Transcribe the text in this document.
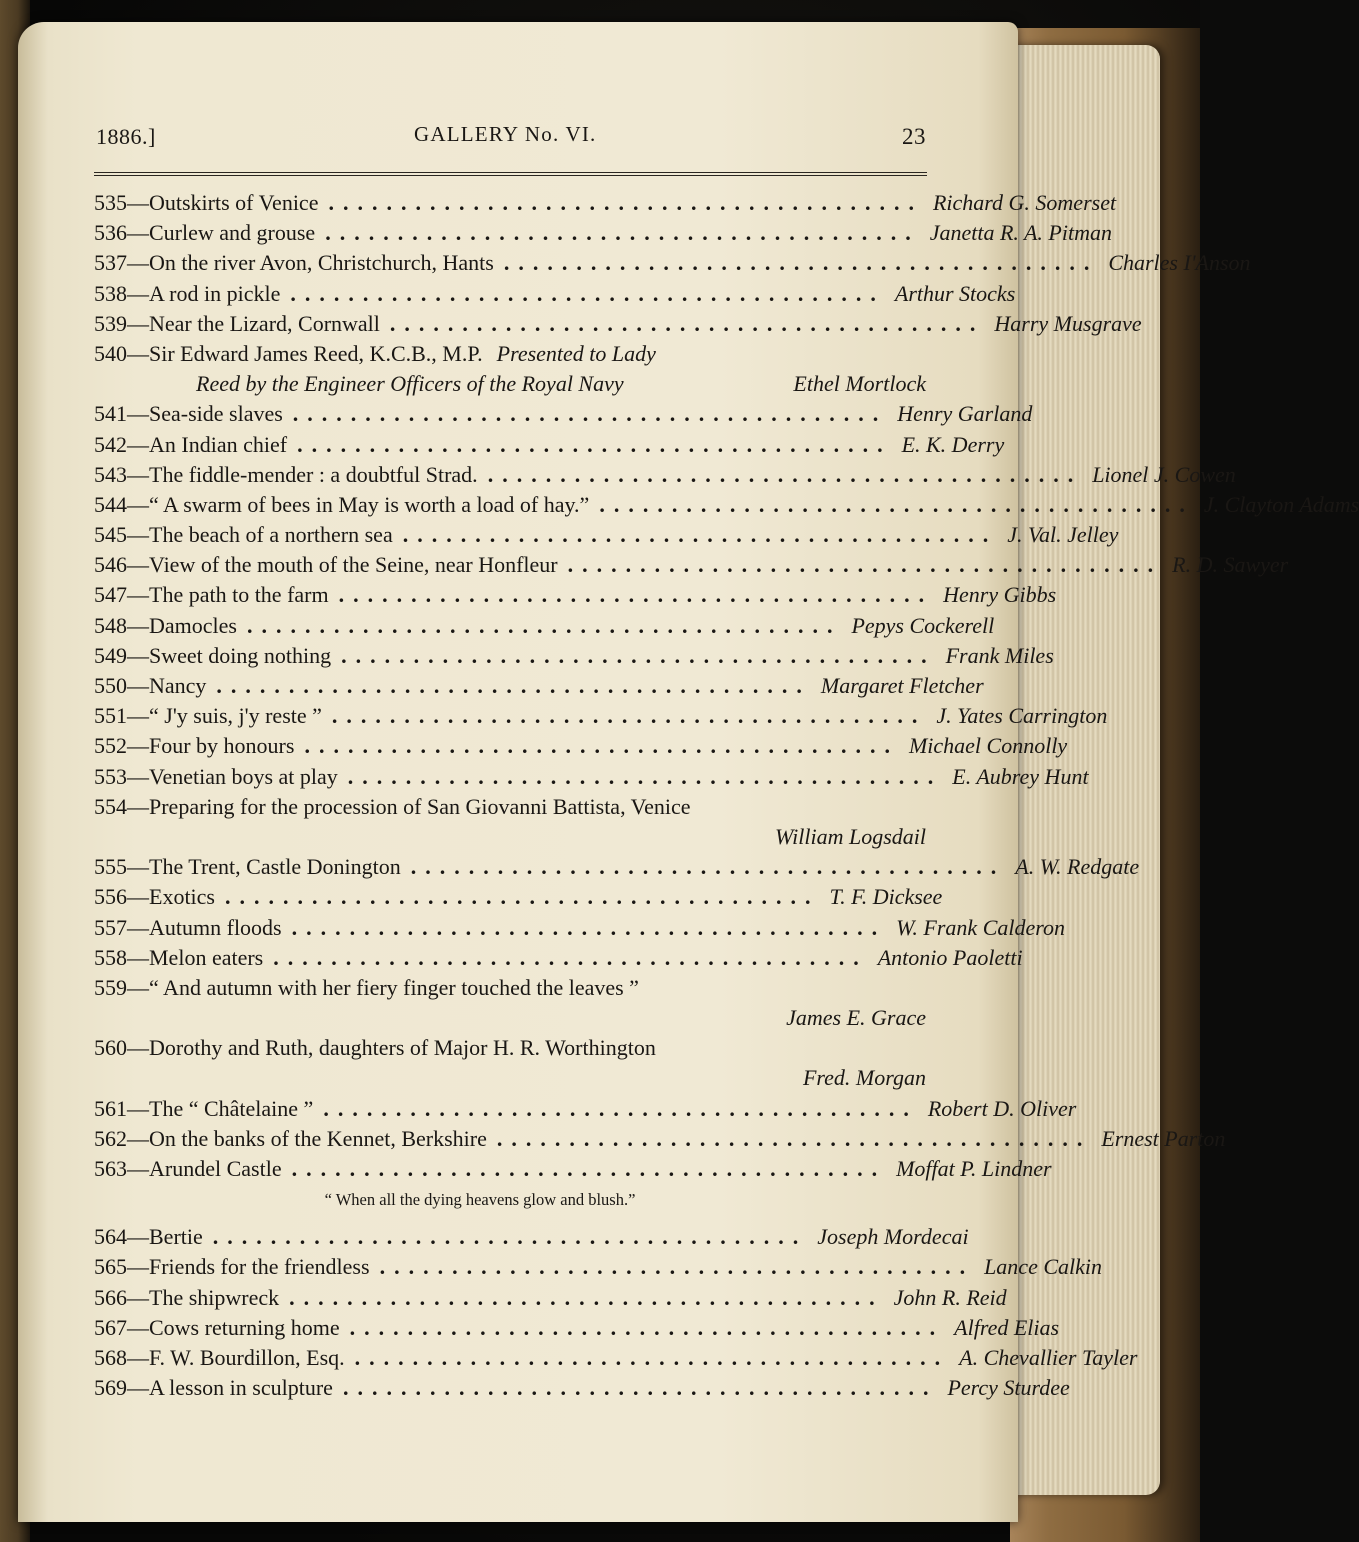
1886.]	GALLERY No. VI.	23
535 — Outskirts of Venice ......................................... Richard G. Somerset
536 — Curlew and grouse ......................................... Janetta R. A. Pitman
537 — On the river Avon, Christchurch, Hants ......................................... Charles I'Anson
538 — A rod in pickle ......................................... Arthur Stocks
539 — Near the Lizard, Cornwall ......................................... Harry Musgrave
540 — Sir Edward James Reed, K.C.B., M.P. Presented to Lady
Reed by the Engineer Officers of the Royal Navy	Ethel Mortlock
541 — Sea-side slaves ......................................... Henry Garland
542 — An Indian chief ......................................... E. K. Derry
543 — The fiddle-mender : a doubtful Strad. ......................................... Lionel J. Cowen
544 — “ A swarm of bees in May is worth a load of hay.” ......................................... J. Clayton Adams
545 — The beach of a northern sea ......................................... J. Val. Jelley
546 — View of the mouth of the Seine, near Honfleur ......................................... R. D. Sawyer
547 — The path to the farm ......................................... Henry Gibbs
548 — Damocles ......................................... Pepys Cockerell
549 — Sweet doing nothing ......................................... Frank Miles
550 — Nancy ......................................... Margaret Fletcher
551 — “ J'y suis, j'y reste ” ......................................... J. Yates Carrington
552 — Four by honours ......................................... Michael Connolly
553 — Venetian boys at play ......................................... E. Aubrey Hunt
554 — Preparing for the procession of San Giovanni Battista, Venice
William Logsdail
555 — The Trent, Castle Donington ......................................... A. W. Redgate
556 — Exotics ......................................... T. F. Dicksee
557 — Autumn floods ......................................... W. Frank Calderon
558 — Melon eaters ......................................... Antonio Paoletti
559 — “ And autumn with her fiery finger touched the leaves ”
James E. Grace
560 — Dorothy and Ruth, daughters of Major H. R. Worthington
Fred. Morgan
561 — The “ Châtelaine ” ......................................... Robert D. Oliver
562 — On the banks of the Kennet, Berkshire ......................................... Ernest Parton
563 — Arundel Castle ......................................... Moffat P. Lindner
“ When all the dying heavens glow and blush.”
564 — Bertie ......................................... Joseph Mordecai
565 — Friends for the friendless ......................................... Lance Calkin
566 — The shipwreck ......................................... John R. Reid
567 — Cows returning home ......................................... Alfred Elias
568 — F. W. Bourdillon, Esq. ......................................... A. Chevallier Tayler
569 — A lesson in sculpture ......................................... Percy Sturdee
